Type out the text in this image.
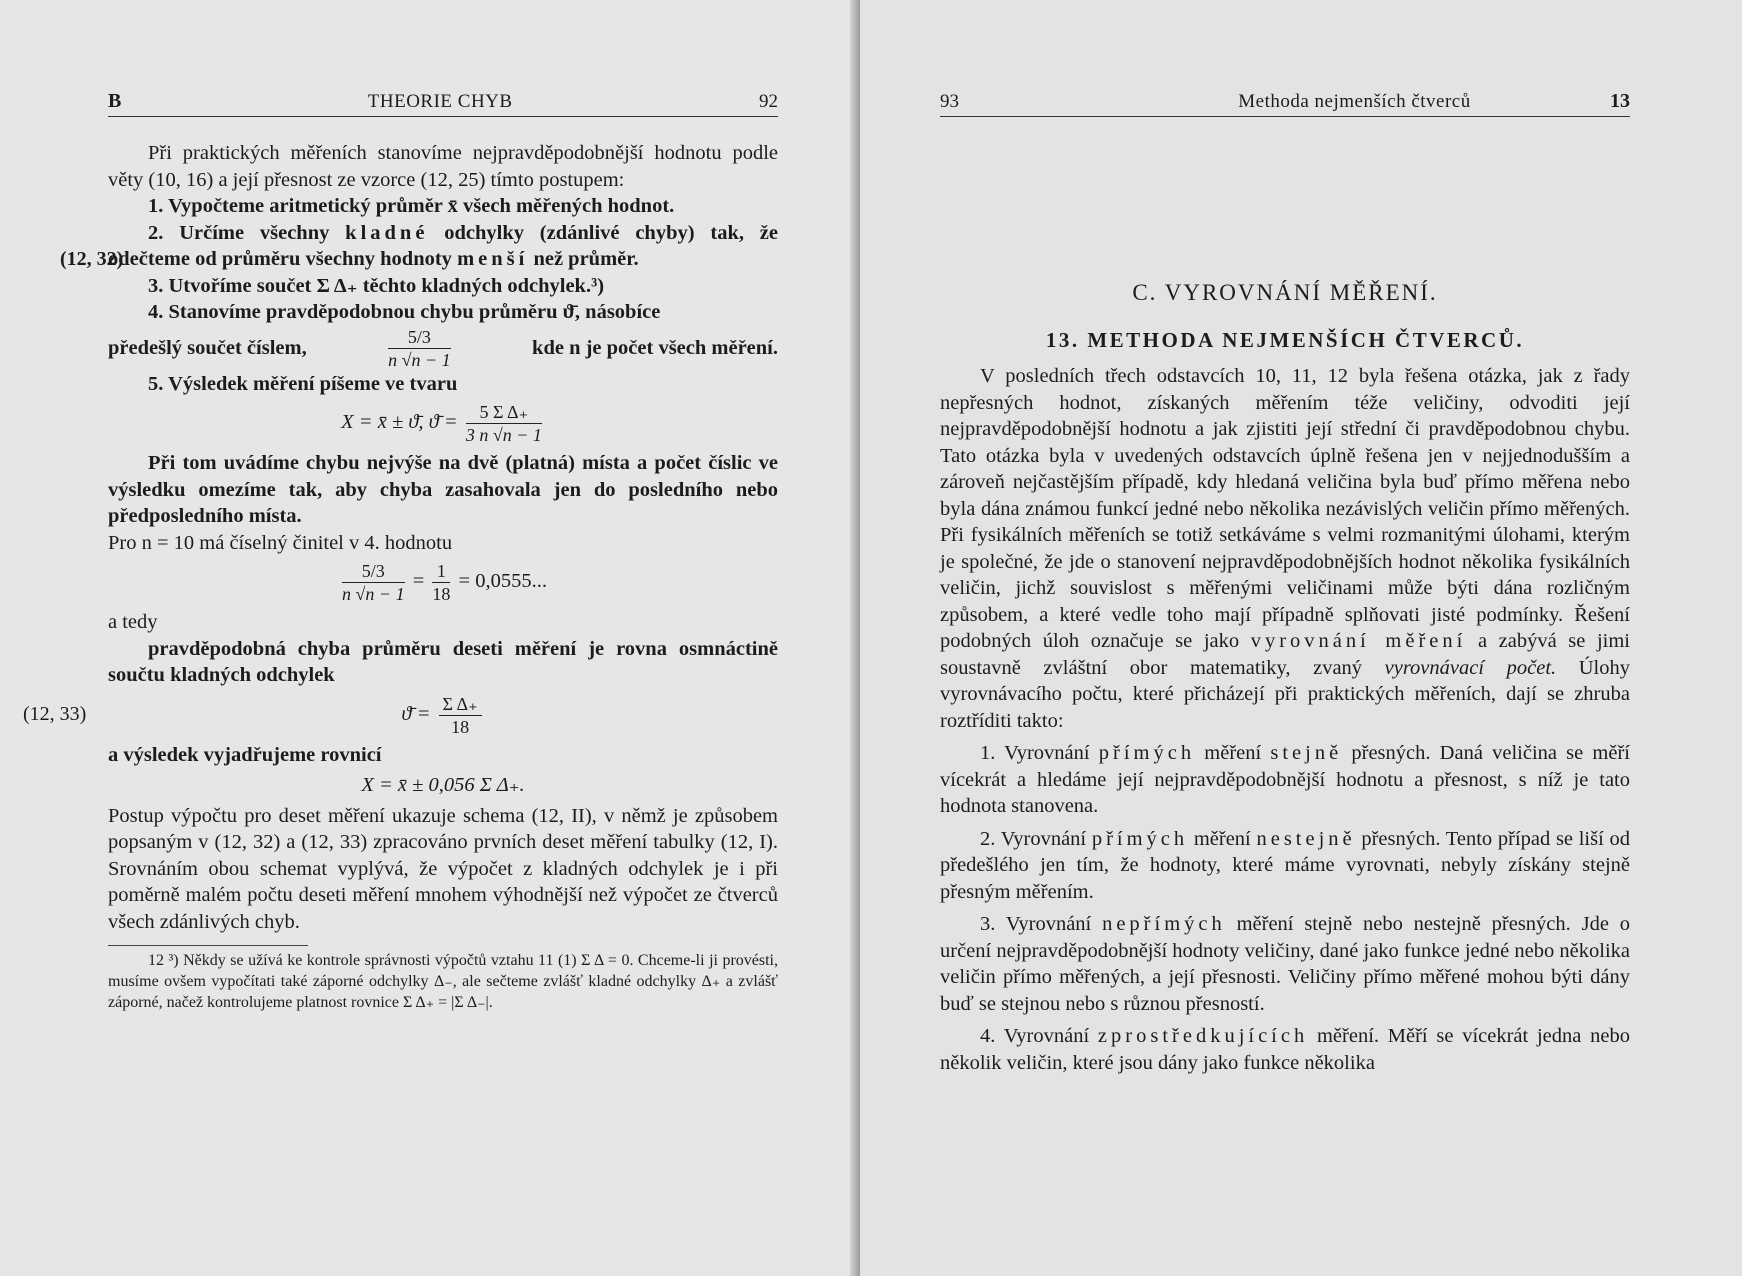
B	THEORIE CHYB	92

Při praktických měřeních stanovíme nejpravděpodobnější hodnotu podle věty (10, 16) a její přesnost ze vzorce (12, 25) tímto postupem:

1. Vypočteme aritmetický průměr x̄ všech měřených hodnot.

2. Určíme všechny kladné odchylky (zdánlivé chyby) tak, že odečteme od průměru všechny hodnoty menší než průměr.
(12, 32)

3. Utvoříme součet Σ Δ₊ těchto kladných odchylek.³)

4. Stanovíme pravděpodobnou chybu průměru ϑ̄, násobíce

předešlý součet číslem,	$\frac{5/3}{n √n - 1}$	kde n je počet všech měření.

5. Výsledek měření píšeme ve tvaru

X = x̄ ± ϑ̄, ϑ̄ = $\frac{\text{5 Σ Δ₊}}{3 n √n - 1}$

Při tom uvádíme chybu nejvýše na dvě (platná) místa a počet číslic ve výsledku omezíme tak, aby chyba zasahovala jen do posledního nebo předposledního místa.

Pro n = 10 má číselný činitel v 4. hodnotu

$\frac{5/3}{n √n - 1} = \frac{1}{18} = 0,0555$...

a tedy

pravděpodobná chyba průměru deseti měření je rovna osmnáctině součtu kladných odchylek

(12, 33)	ϑ̄ = $\frac{\text{Σ Δ₊}}{18}$

a výsledek vyjadřujeme rovnicí

X = x̄ ± 0,056 Σ Δ₊.

Postup výpočtu pro deset měření ukazuje schema (12, II), v němž je způsobem popsaným v (12, 32) a (12, 33) zpracováno prvních deset měření tabulky (12, I). Srovnáním obou schemat vyplývá, že výpočet z kladných odchylek je i při poměrně malém počtu deseti měření mnohem výhodnější než výpočet ze čtverců všech zdánlivých chyb.

12 ³) Někdy se užívá ke kontrole správnosti výpočtů vztahu 11 (1) Σ Δ = 0. Chceme-li ji provésti, musíme ovšem vypočítati také záporné odchylky Δ₋, ale sečteme zvlášť kladné odchylky Δ₊ a zvlášť záporné, načež kontrolujeme platnost rovnice Σ Δ₊ = |Σ Δ₋|.

93	Methoda nejmenších čtverců	13
C. VYROVNÁNÍ MĚŘENÍ.
13. METHODA NEJMENŠÍCH ČTVERCŮ.

V posledních třech odstavcích 10, 11, 12 byla řešena otázka, jak z řady nepřesných hodnot, získaných měřením téže veličiny, odvoditi její nejpravděpodobnější hodnotu a jak zjistiti její střední či pravděpodobnou chybu. Tato otázka byla v uvedených odstavcích úplně řešena jen v nejjednodušším a zároveň nejčastějším případě, kdy hledaná veličina byla buď přímo měřena nebo byla dána známou funkcí jedné nebo několika nezávislých veličin přímo měřených. Při fysikálních měřeních se totiž setkáváme s velmi rozmanitými úlohami, kterým je společné, že jde o stanovení nejpravděpodobnějších hodnot několika fysikálních veličin, jichž souvislost s měřenými veličinami může býti dána rozličným způsobem, a které vedle toho mají případně splňovati jisté podmínky. Řešení podobných úloh označuje se jako vyrovnání měření a zabývá se jimi soustavně zvláštní obor matematiky, zvaný vyrovnávací počet. Úlohy vyrovnávacího počtu, které přicházejí při praktických měřeních, dají se zhruba roztříditi takto:

1. Vyrovnání přímých měření stejně přesných. Daná veličina se měří vícekrát a hledáme její nejpravděpodobnější hodnotu a přesnost, s níž je tato hodnota stanovena.

2. Vyrovnání přímých měření nestejně přesných. Tento případ se liší od předešlého jen tím, že hodnoty, které máme vyrovnati, nebyly získány stejně přesným měřením.

3. Vyrovnání nepřímých měření stejně nebo nestejně přesných. Jde o určení nejpravděpodobnější hodnoty veličiny, dané jako funkce jedné nebo několika veličin přímo měřených, a její přesnosti. Veličiny přímo měřené mohou býti dány buď se stejnou nebo s různou přesností.

4. Vyrovnání zprostředkujících měření. Měří se vícekrát jedna nebo několik veličin, které jsou dány jako funkce několika
